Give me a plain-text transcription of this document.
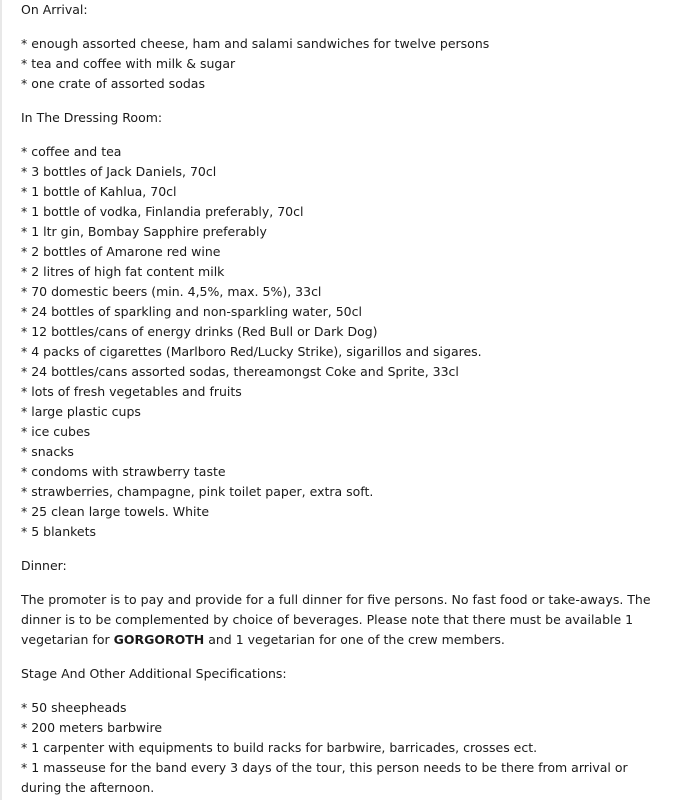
On Arrival:

* enough assorted cheese, ham and salami sandwiches for twelve persons
* tea and coffee with milk & sugar
* one crate of assorted sodas

In The Dressing Room:

* coffee and tea
* 3 bottles of Jack Daniels, 70cl
* 1 bottle of Kahlua, 70cl
* 1 bottle of vodka, Finlandia preferably, 70cl
* 1 ltr gin, Bombay Sapphire preferably
* 2 bottles of Amarone red wine
* 2 litres of high fat content milk
* 70 domestic beers (min. 4,5%, max. 5%), 33cl
* 24 bottles of sparkling and non-sparkling water, 50cl
* 12 bottles/cans of energy drinks (Red Bull or Dark Dog)
* 4 packs of cigarettes (Marlboro Red/Lucky Strike), sigarillos and sigares.
* 24 bottles/cans assorted sodas, thereamongst Coke and Sprite, 33cl
* lots of fresh vegetables and fruits
* large plastic cups
* ice cubes
* snacks
* condoms with strawberry taste
* strawberries, champagne, pink toilet paper, extra soft.
* 25 clean large towels. White
* 5 blankets

Dinner:

The promoter is to pay and provide for a full dinner for five persons. No fast food or take-aways. The dinner is to be complemented by choice of beverages. Please note that there must be available 1 vegetarian for GORGOROTH and 1 vegetarian for one of the crew members.

Stage And Other Additional Specifications:

* 50 sheepheads
* 200 meters barbwire
* 1 carpenter with equipments to build racks for barbwire, barricades, crosses ect.
* 1 masseuse for the band every 3 days of the tour, this person needs to be there from arrival or during the afternoon.
